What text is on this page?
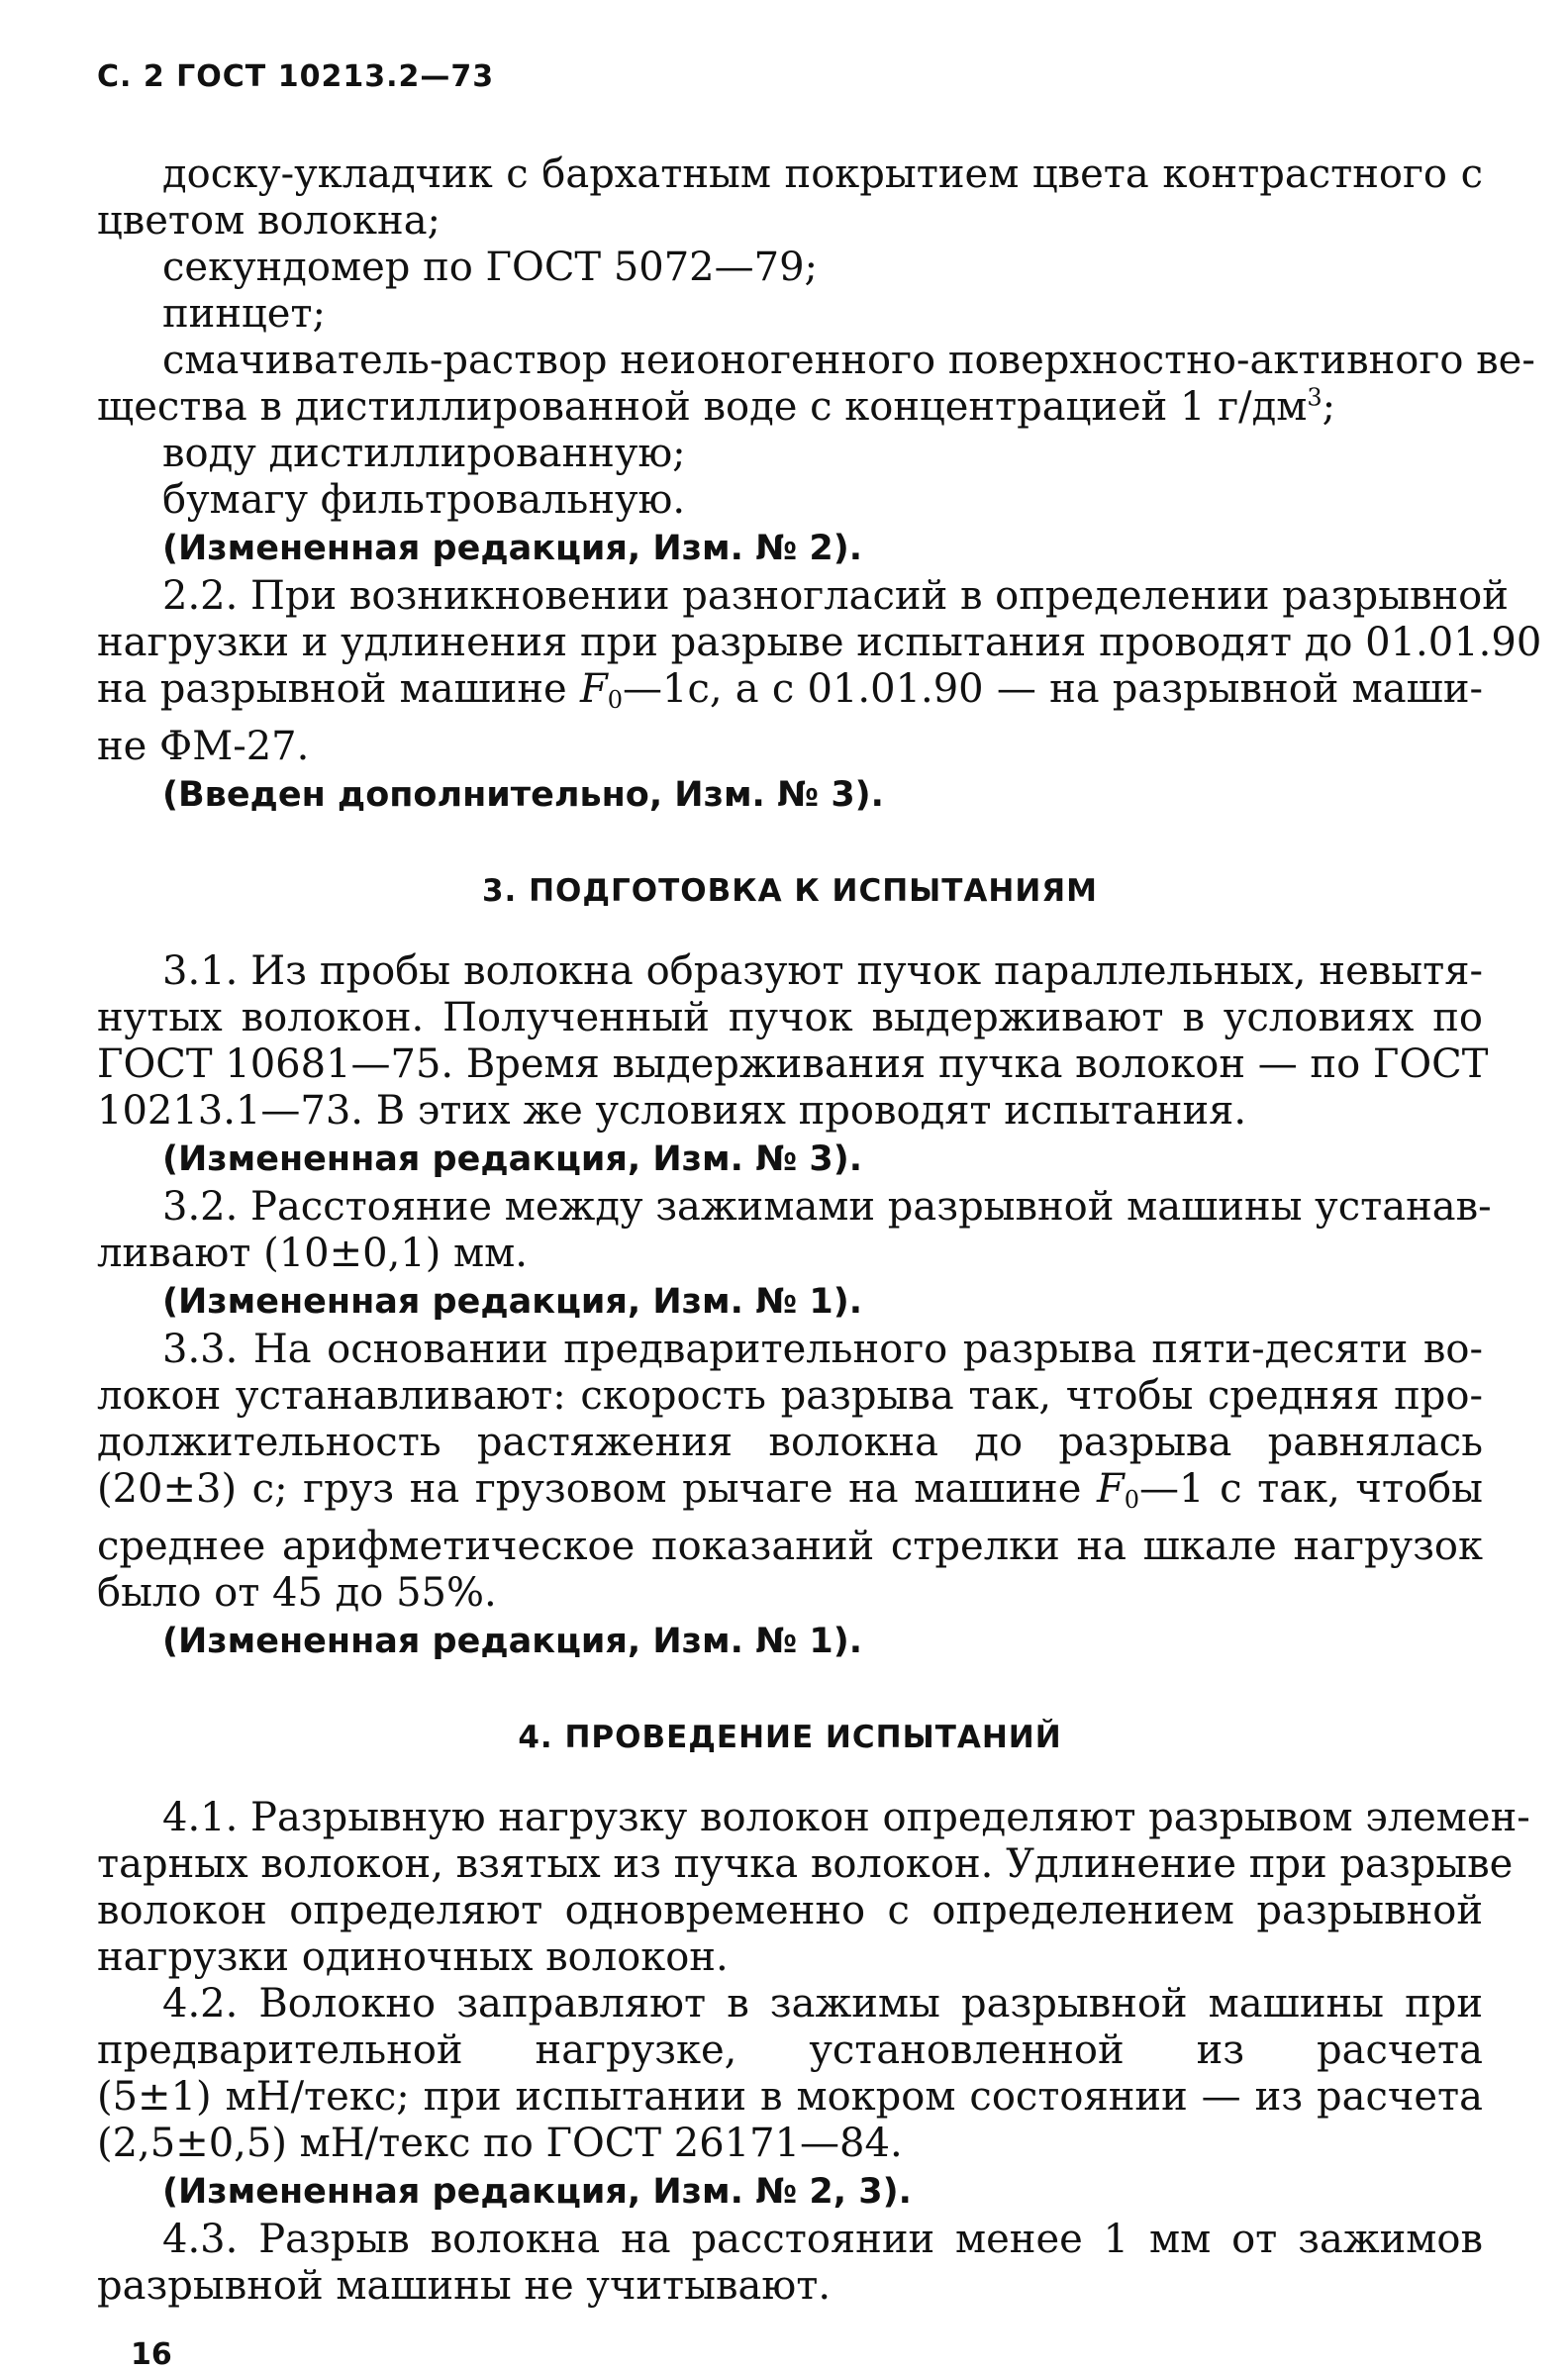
С. 2 ГОСТ 10213.2—73
доску-укладчик с бархатным покрытием цвета контрастного с
цветом волокна;
секундомер по ГОСТ 5072—79;
пинцет;
смачиватель-раствор неионогенного поверхностно-активного ве-
щества в дистиллированной воде с концентрацией 1 $г/дм^3$;
воду дистиллированную;
бумагу фильтровальную.
(Измененная редакция, Изм. № 2).
2.2. При возникновении разногласий в определении разрывной
нагрузки и удлинения при разрыве испытания проводят до 01.01.90
на разрывной машине $F_0—1с$, а с 01.01.90 — на разрывной маши-
не ФМ-27.
(Введен дополнительно, Изм. № 3).
3. ПОДГОТОВКА К ИСПЫТАНИЯМ
3.1. Из пробы волокна образуют пучок параллельных, невытя-
нутых волокон. Полученный пучок выдерживают в условиях по
ГОСТ 10681—75. Время выдерживания пучка волокон — по ГОСТ
10213.1—73. В этих же условиях проводят испытания.
(Измененная редакция, Изм. № 3).
3.2. Расстояние между зажимами разрывной машины устанав-
ливают (10±0,1) мм.
(Измененная редакция, Изм. № 1).
3.3. На основании предварительного разрыва пяти-десяти во-
локон устанавливают: скорость разрыва так, чтобы средняя про-
должительность растяжения волокна до разрыва равнялась
(20±3) с; груз на грузовом рычаге на машине $F_0—1$ с так, чтобы
среднее арифметическое показаний стрелки на шкале нагрузок
было от 45 до 55%.
(Измененная редакция, Изм. № 1).
4. ПРОВЕДЕНИЕ ИСПЫТАНИЙ
4.1. Разрывную нагрузку волокон определяют разрывом элемен-
тарных волокон, взятых из пучка волокон. Удлинение при разрыве
волокон определяют одновременно с определением разрывной
нагрузки одиночных волокон.
4.2. Волокно заправляют в зажимы разрывной машины при
предварительной нагрузке, установленной из расчета
(5±1) мН/текс; при испытании в мокром состоянии — из расчета
(2,5±0,5) мН/текс по ГОСТ 26171—84.
(Измененная редакция, Изм. № 2, 3).
4.3. Разрыв волокна на расстоянии менее 1 мм от зажимов
разрывной машины не учитывают.
16
